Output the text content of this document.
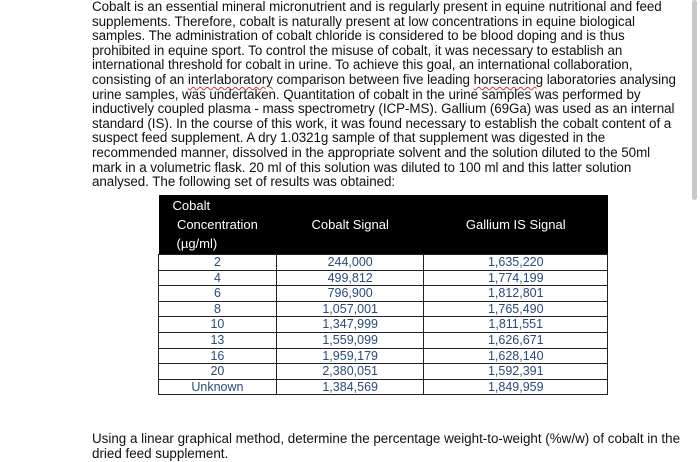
Cobalt is an essential mineral micronutrient and is regularly present in equine nutritional and feed supplements. Therefore, cobalt is naturally present at low concentrations in equine biological samples. The administration of cobalt chloride is considered to be blood doping and is thus prohibited in equine sport. To control the misuse of cobalt, it was necessary to establish an international threshold for cobalt in urine. To achieve this goal, an international collaboration, consisting of an interlaboratory comparison between five leading horseracing laboratories analysing urine samples, was undertaken. Quantitation of cobalt in the urine samples was performed by inductively coupled plasma - mass spectrometry (ICP-MS). Gallium (69Ga) was used as an internal standard (IS). In the course of this work, it was found necessary to establish the cobalt content of a suspect feed supplement. A dry 1.0321g sample of that supplement was digested in the recommended manner, dissolved in the appropriate solvent and the solution diluted to the 50ml mark in a volumetric flask. 20 ml of this solution was diluted to 100 ml and this latter solution analysed. The following set of results was obtained:
Cobalt
Concentration
(µg/ml)	Cobalt Signal	Gallium IS Signal
2	244,000	1,635,220
4	499,812	1,774,199
6	796,900	1,812,801
8	1,057,001	1,765,490
10	1,347,999	1,811,551
13	1,559,099	1,626,671
16	1,959,179	1,628,140
20	2,380,051	1,592,391
Unknown	1,384,569	1,849,959
Using a linear graphical method, determine the percentage weight-to-weight (%w/w) of cobalt in the dried feed supplement.
